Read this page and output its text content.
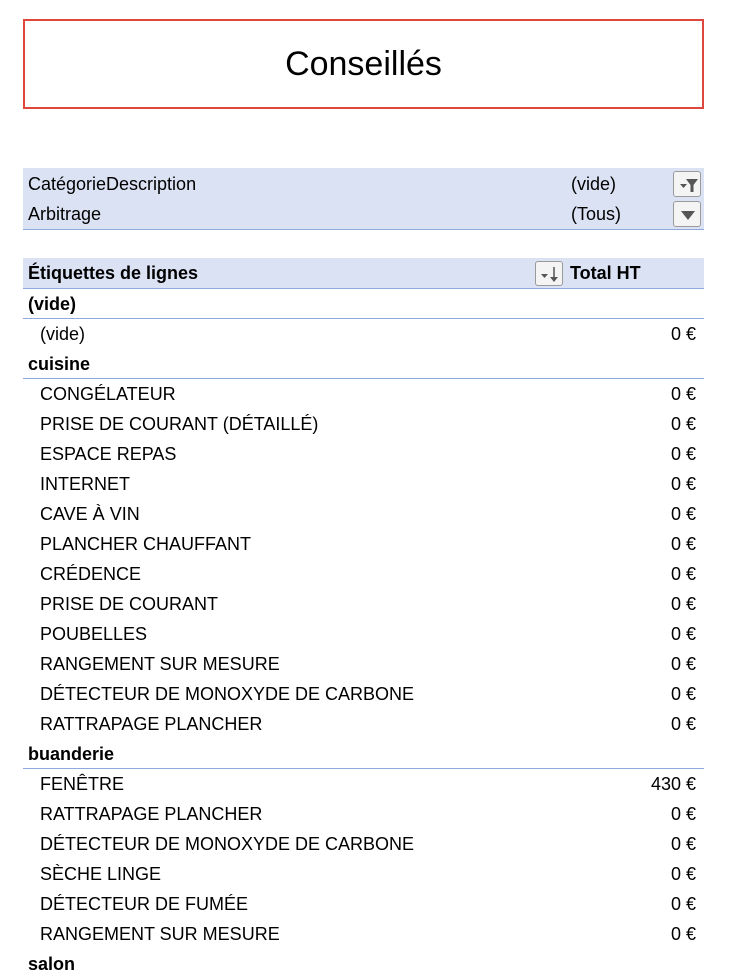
Conseillés
CatégorieDescription	(vide)
Arbitrage	(Tous)
Étiquettes de lignes	Total HT
(vide)
(vide)	0 €
cuisine
CONGÉLATEUR	0 €
PRISE DE COURANT (DÉTAILLÉ)	0 €
ESPACE REPAS	0 €
INTERNET	0 €
CAVE À VIN	0 €
PLANCHER CHAUFFANT	0 €
CRÉDENCE	0 €
PRISE DE COURANT	0 €
POUBELLES	0 €
RANGEMENT SUR MESURE	0 €
DÉTECTEUR DE MONOXYDE DE CARBONE	0 €
RATTRAPAGE PLANCHER	0 €
buanderie
FENÊTRE	430 €
RATTRAPAGE PLANCHER	0 €
DÉTECTEUR DE MONOXYDE DE CARBONE	0 €
SÈCHE LINGE	0 €
DÉTECTEUR DE FUMÉE	0 €
RANGEMENT SUR MESURE	0 €
salon
